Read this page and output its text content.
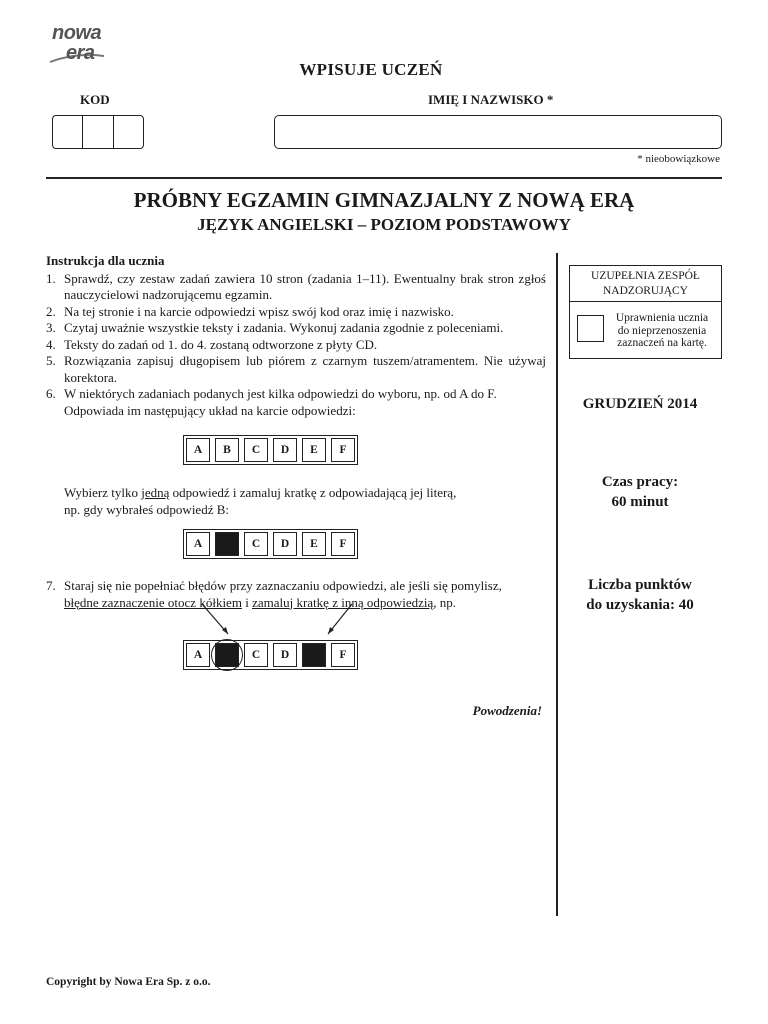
nowa
era
WPISUJE UCZEŃ
KOD	IMIĘ I NAZWISKO *
* nieobowiązkowe
PRÓBNY EGZAMIN GIMNAZJALNY Z NOWĄ ERĄ
JĘZYK ANGIELSKI – POZIOM PODSTAWOWY
Instrukcja dla ucznia
1. Sprawdź, czy zestaw zadań zawiera 10 stron (zadania 1–11). Ewentualny brak stron zgłoś nauczycielowi nadzorującemu egzamin.
2. Na tej stronie i na karcie odpowiedzi wpisz swój kod oraz imię i nazwisko.
3. Czytaj uważnie wszystkie teksty i zadania. Wykonuj zadania zgodnie z poleceniami.
4. Teksty do zadań od 1. do 4. zostaną odtworzone z płyty CD.
5. Rozwiązania zapisuj długopisem lub piórem z czarnym tuszem/atramentem. Nie używaj korektora.
6. W niektórych zadaniach podanych jest kilka odpowiedzi do wyboru, np. od A do F. Odpowiada im następujący układ na karcie odpowiedzi:
A	B	C	D	E	F
Wybierz tylko jedną odpowiedź i zamaluj kratkę z odpowiadającą jej literą,
np. gdy wybrałeś odpowiedź B:
A	C	D	E	F
7. Staraj się nie popełniać błędów przy zaznaczaniu odpowiedzi, ale jeśli się pomylisz,
błędne zaznaczenie otocz kółkiem i zamaluj kratkę z inną odpowiedzią, np.
A	C	D	F
Powodzenia!
UZUPEŁNIA ZESPÓŁ
NADZORUJĄCY
Uprawnienia ucznia
do nieprzenoszenia
zaznaczeń na kartę.
GRUDZIEŃ 2014
Czas pracy:
60 minut
Liczba punktów
do uzyskania: 40
Copyright by Nowa Era Sp. z o.o.
